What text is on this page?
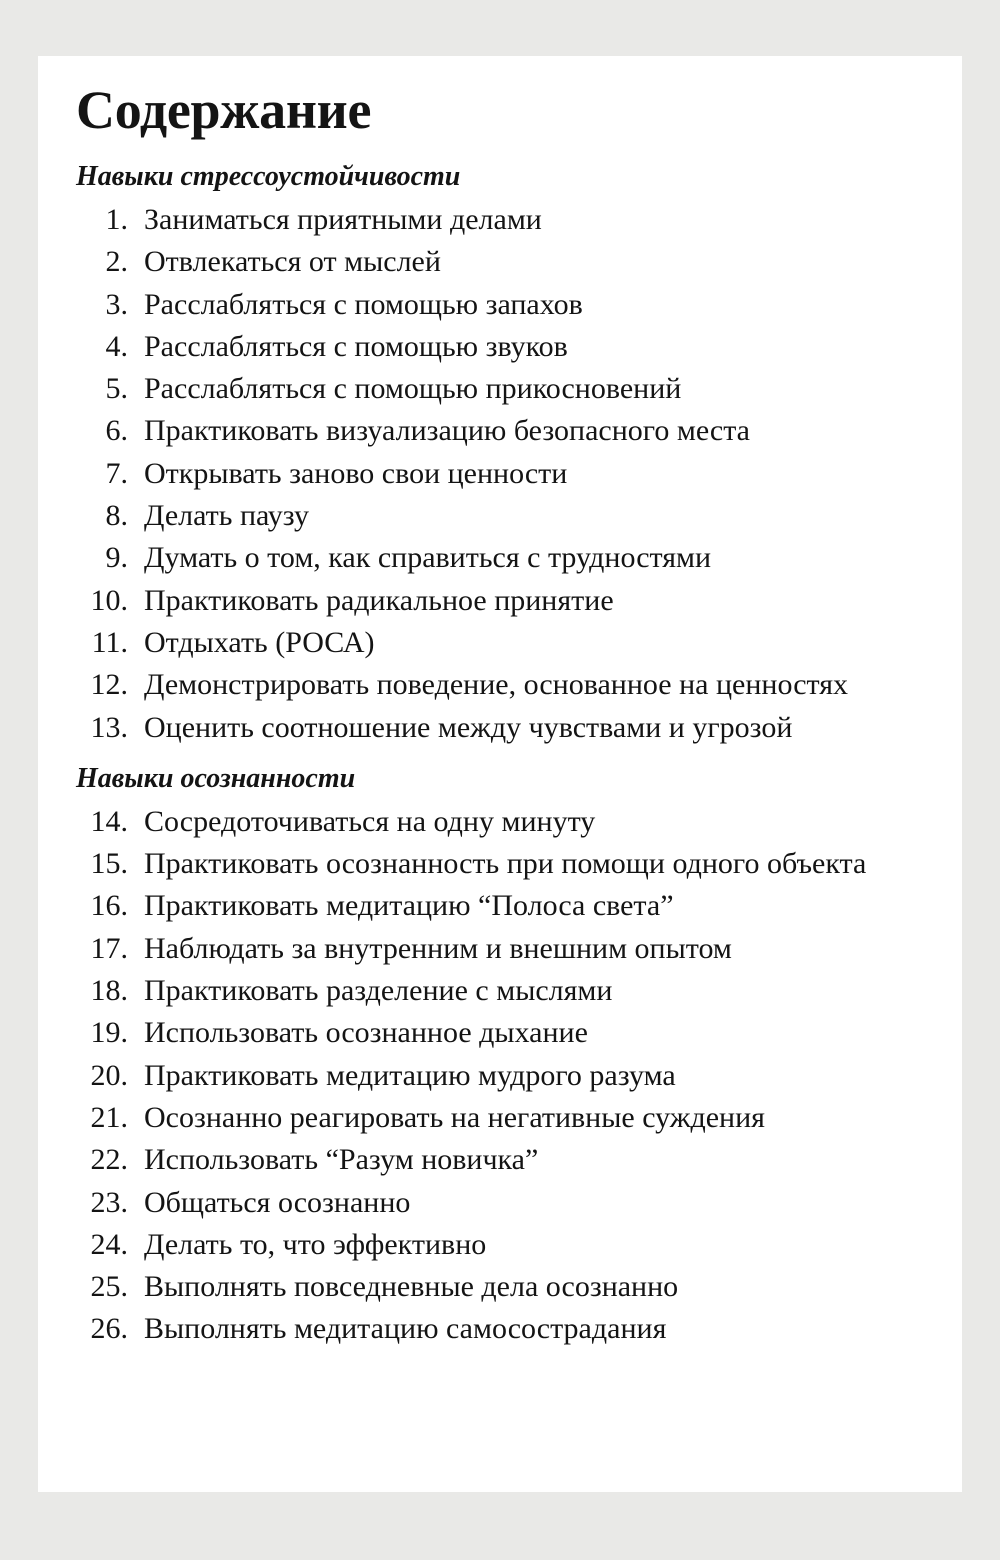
Содержание
Навыки стрессоустойчивости
1. Заниматься приятными делами
2. Отвлекаться от мыслей
3. Расслабляться с помощью запахов
4. Расслабляться с помощью звуков
5. Расслабляться с помощью прикосновений
6. Практиковать визуализацию безопасного места
7. Открывать заново свои ценности
8. Делать паузу
9. Думать о том, как справиться с трудностями
10. Практиковать радикальное принятие
11. Отдыхать (РОСА)
12. Демонстрировать поведение, основанное на ценностях
13. Оценить соотношение между чувствами и угрозой
Навыки осознанности
14. Сосредоточиваться на одну минуту
15. Практиковать осознанность при помощи одного объекта
16. Практиковать медитацию “Полоса света”
17. Наблюдать за внутренним и внешним опытом
18. Практиковать разделение с мыслями
19. Использовать осознанное дыхание
20. Практиковать медитацию мудрого разума
21. Осознанно реагировать на негативные суждения
22. Использовать “Разум новичка”
23. Общаться осознанно
24. Делать то, что эффективно
25. Выполнять повседневные дела осознанно
26. Выполнять медитацию самосострадания
